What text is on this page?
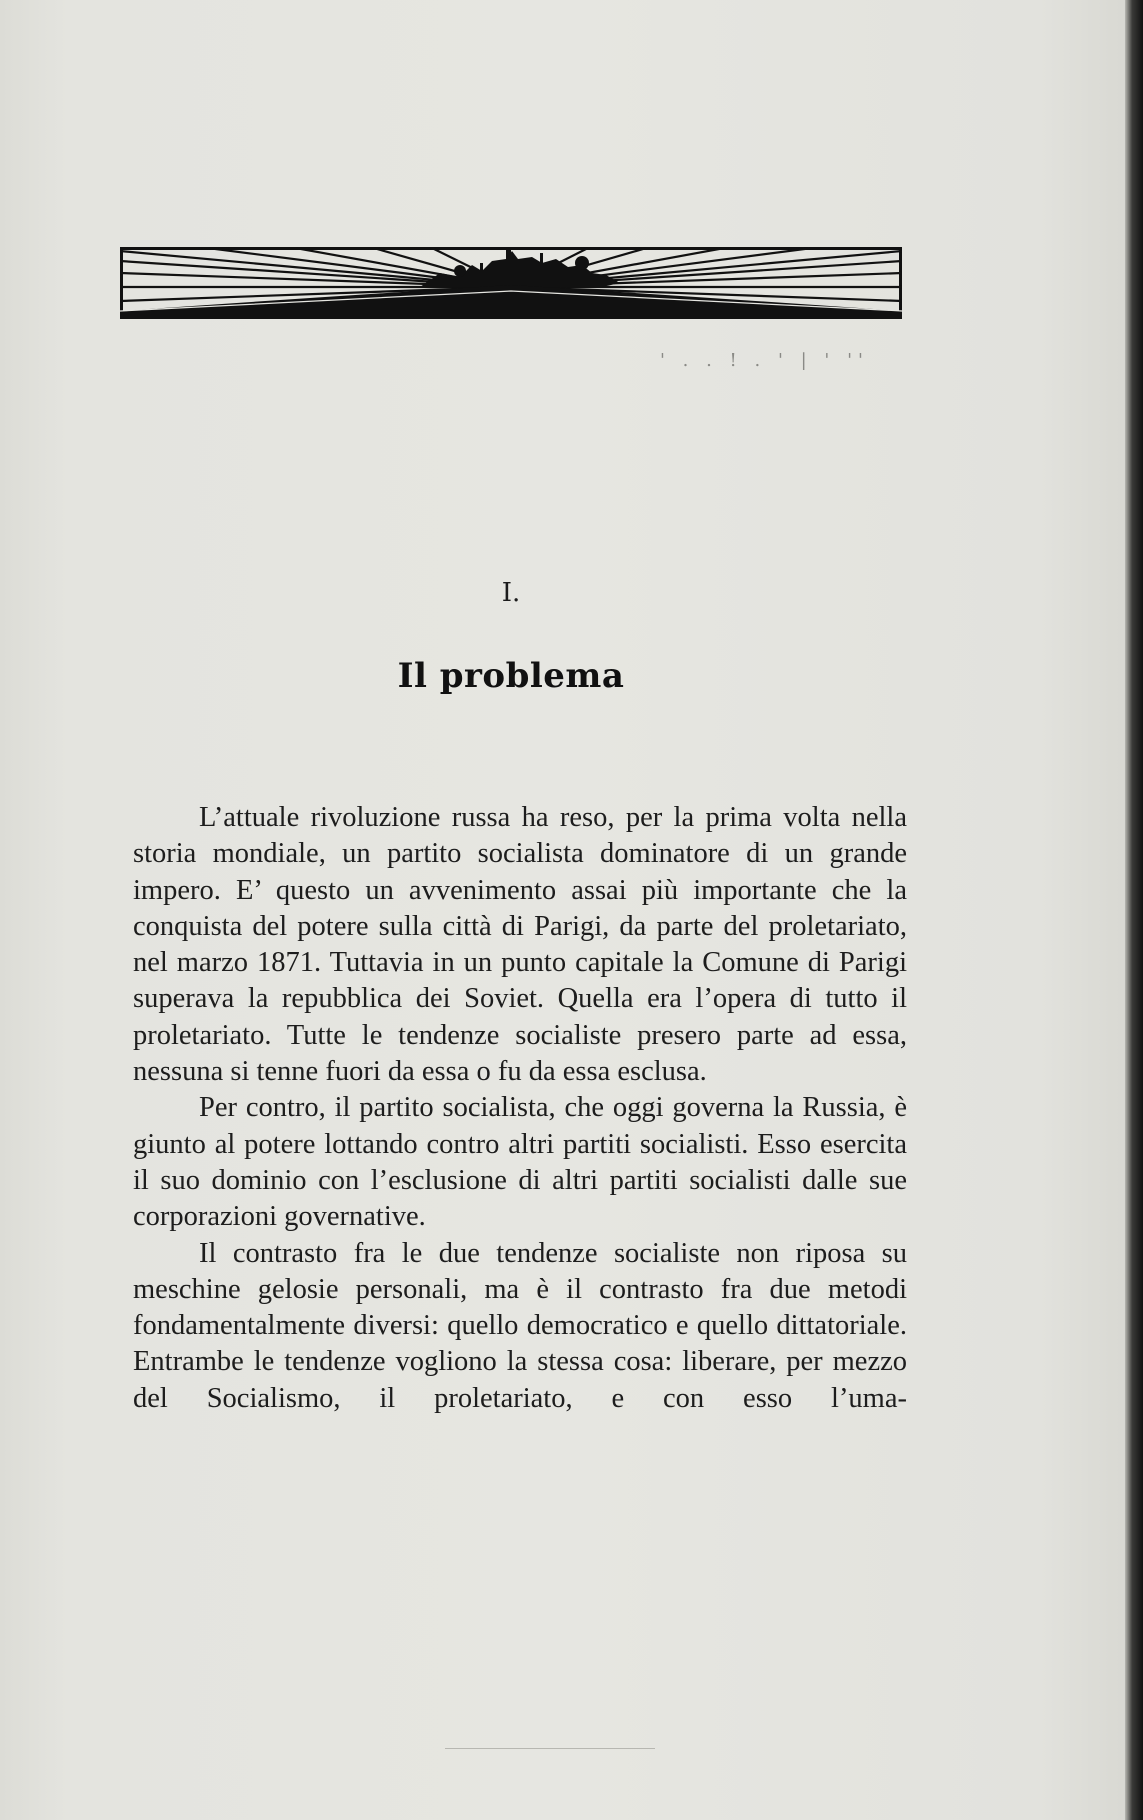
' . . ! . ' | ' ''
I.
Il problema

L’attuale rivoluzione russa ha reso, per la prima volta nella storia mondiale, un partito socialista dominatore di un grande impero. E’ questo un avvenimento assai più importante che la conquista del potere sulla città di Parigi, da parte del proletariato, nel marzo 1871. Tuttavia in un punto capitale la Comune di Parigi superava la repubblica dei Soviet. Quella era l’opera di tutto il proletariato. Tutte le tendenze socialiste presero parte ad essa, nessuna si tenne fuori da essa o fu da essa esclusa.

Per contro, il partito socialista, che oggi governa la Russia, è giunto al potere lottando contro altri partiti socialisti. Esso esercita il suo dominio con l’esclusione di altri partiti socialisti dalle sue corporazioni governative.

Il contrasto fra le due tendenze socialiste non riposa su meschine gelosie personali, ma è il contrasto fra due metodi fondamentalmente diversi: quello democratico e quello dittatoriale. Entrambe le tendenze vogliono la stessa cosa: liberare, per mezzo del Socialismo, il proletariato, e con esso l’uma-
